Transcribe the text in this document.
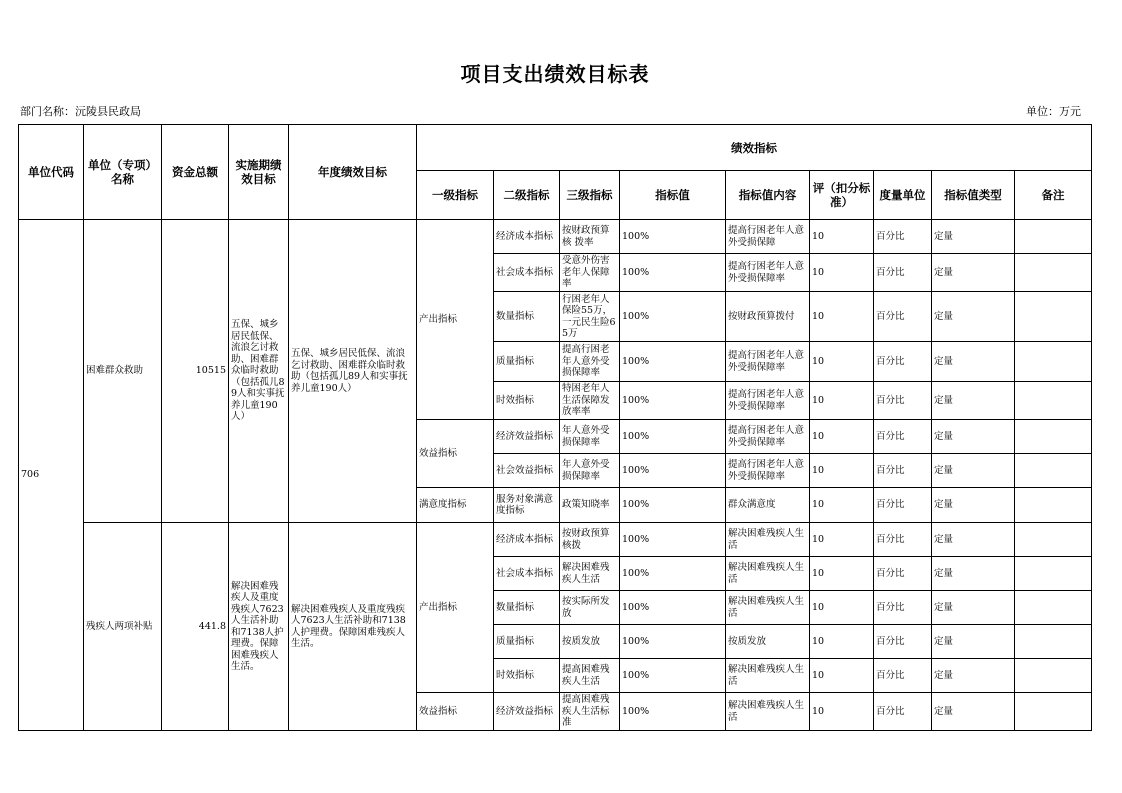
项目支出绩效目标表
部门名称：沅陵县民政局	单位：万元
单位代码	单位（专项）名称	资金总额	实施期绩效目标	年度绩效目标	绩效指标								
					一级指标	二级指标	三级指标	指标值	指标值内容	评（扣分标准）	度量单位	指标值类型	备注
706	困难群众救助	10515	五保、城乡居民低保、流浪乞讨救助、困难群众临时救助（包括孤儿89人和实事抚养儿童190人）	五保、城乡居民低保、流浪乞讨救助、困难群众临时救助（包括孤儿89人和实事抚养儿童190人）	产出指标	经济成本指标	按财政预算核 拨率	100%	提高行困老年人意外受损保障	10	百分比	定量	
						社会成本指标	受意外伤害老年人保障率	100%	提高行困老年人意外受损保障率	10	百分比	定量	
						数量指标	行困老年人保险55万，一元民生险65万	100%	按财政预算拨付	10	百分比	定量	
						质量指标	提高行困老年人意外受损保障率	100%	提高行困老年人意外受损保障率	10	百分比	定量	
						时效指标	特困老年人生活保障发放率率	100%	提高行困老年人意外受损保障率	10	百分比	定量	
					效益指标	经济效益指标	年人意外受损保障率	100%	提高行困老年人意外受损保障率	10	百分比	定量	
						社会效益指标	年人意外受损保障率	100%	提高行困老年人意外受损保障率	10	百分比	定量	
					满意度指标	服务对象满意度指标	政策知晓率	100%	群众满意度	10	百分比	定量	
	残疾人两项补贴	441.8	解决困难残疾人及重度残疾人7623人生活补助和7138人护理费。保障困难残疾人生活。	解决困难残疾人及重度残疾人7623人生活补助和7138人护理费。保障困难残疾人生活。	产出指标	经济成本指标	按财政预算核拨	100%	解决困难残疾人生活	10	百分比	定量	
						社会成本指标	解决困难残疾人生活	100%	解决困难残疾人生活	10	百分比	定量	
						数量指标	按实际所发放	100%	解决困难残疾人生活	10	百分比	定量	
						质量指标	按质发放	100%	按质发放	10	百分比	定量	
						时效指标	提高困难残疾人生活	100%	解决困难残疾人生活	10	百分比	定量	
					效益指标	经济效益指标	提高困难残疾人生活标准	100%	解决困难残疾人生活	10	百分比	定量	
